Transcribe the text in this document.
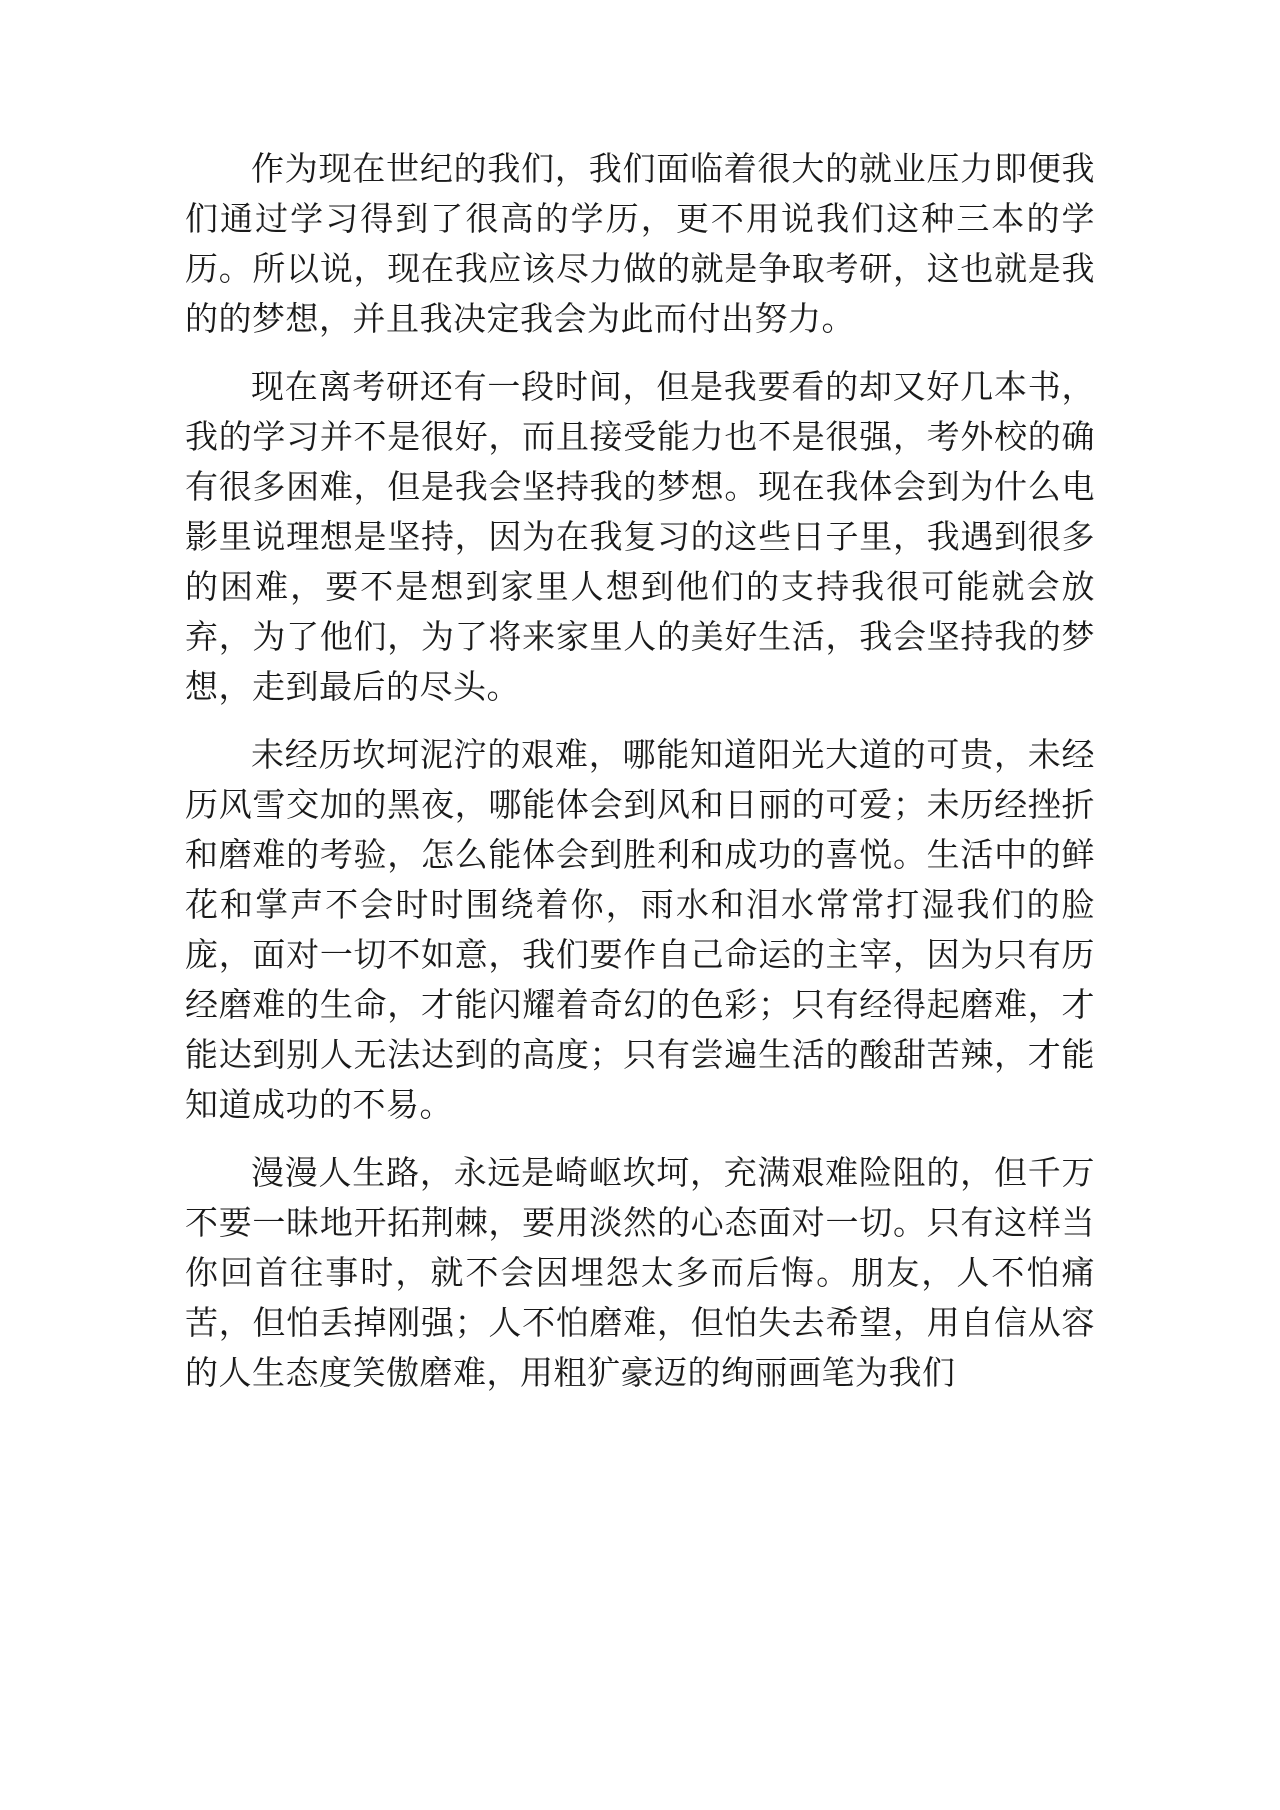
作为现在世纪的我们，我们面临着很大的就业压力即便我们通过学习得到了很高的学历，更不用说我们这种三本的学历。所以说，现在我应该尽力做的就是争取考研，这也就是我的的梦想，并且我决定我会为此而付出努力。

现在离考研还有一段时间，但是我要看的却又好几本书，我的学习并不是很好，而且接受能力也不是很强，考外校的确有很多困难，但是我会坚持我的梦想。现在我体会到为什么电影里说理想是坚持，因为在我复习的这些日子里，我遇到很多的困难，要不是想到家里人想到他们的支持我很可能就会放弃，为了他们，为了将来家里人的美好生活，我会坚持我的梦想，走到最后的尽头。

未经历坎坷泥泞的艰难，哪能知道阳光大道的可贵，未经历风雪交加的黑夜，哪能体会到风和日丽的可爱；未历经挫折和磨难的考验，怎么能体会到胜利和成功的喜悦。生活中的鲜花和掌声不会时时围绕着你，雨水和泪水常常打湿我们的脸庞，面对一切不如意，我们要作自己命运的主宰，因为只有历经磨难的生命，才能闪耀着奇幻的色彩；只有经得起磨难，才能达到别人无法达到的高度；只有尝遍生活的酸甜苦辣，才能知道成功的不易。

漫漫人生路，永远是崎岖坎坷，充满艰难险阻的，但千万不要一昧地开拓荆棘，要用淡然的心态面对一切。只有这样当你回首往事时，就不会因埋怨太多而后悔。朋友，人不怕痛苦，但怕丢掉刚强；人不怕磨难，但怕失去希望，用自信从容的人生态度笑傲磨难，用粗犷豪迈的绚丽画笔为我们
